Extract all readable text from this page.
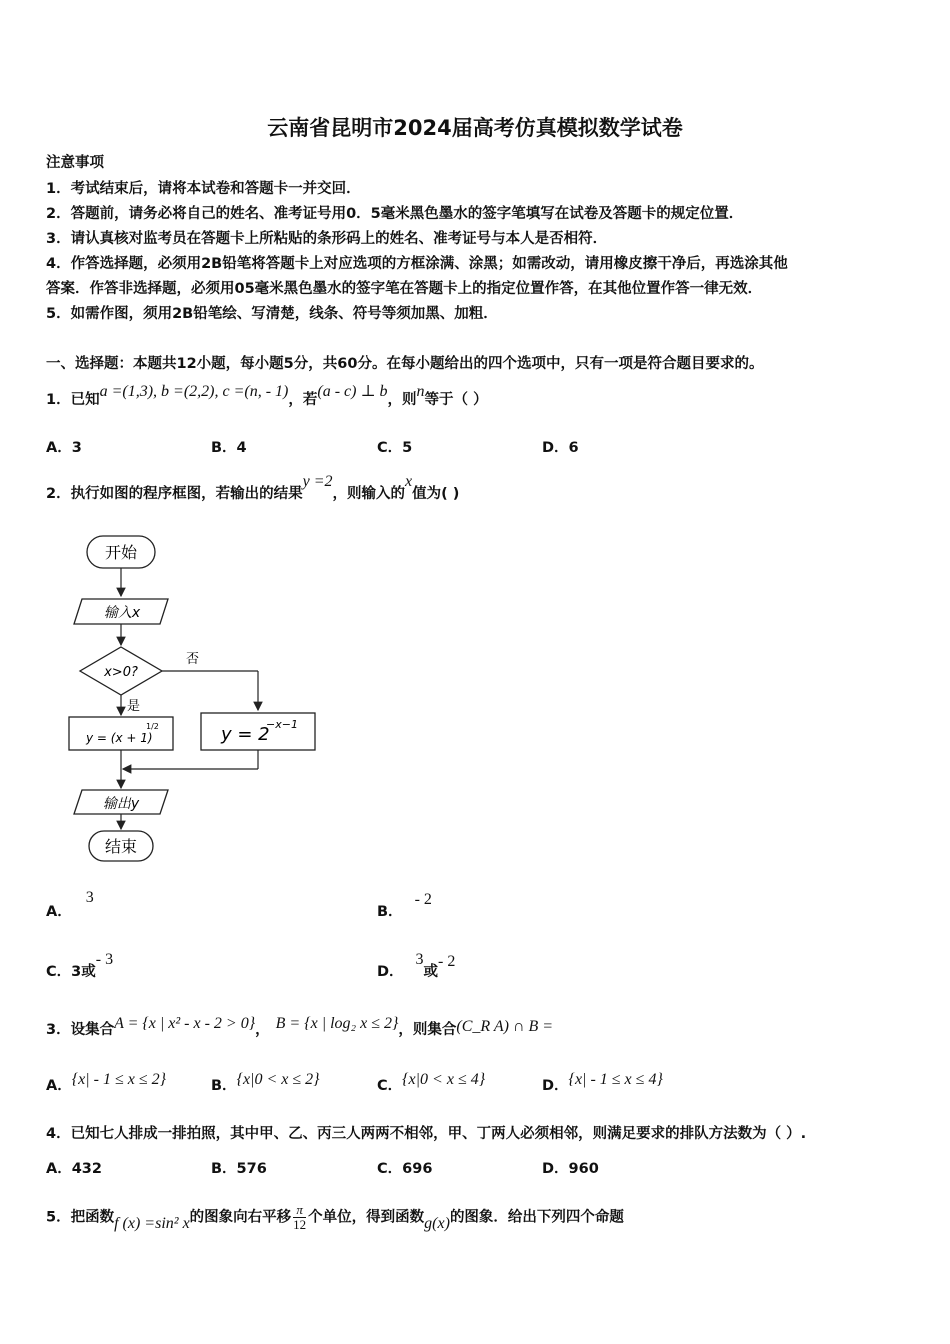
云南省昆明市2024届高考仿真模拟数学试卷
注意事项
1．考试结束后，请将本试卷和答题卡一并交回．
2．答题前，请务必将自己的姓名、准考证号用0．5毫米黑色墨水的签字笔填写在试卷及答题卡的规定位置．
3．请认真核对监考员在答题卡上所粘贴的条形码上的姓名、准考证号与本人是否相符．
4．作答选择题，必须用2B铅笔将答题卡上对应选项的方框涂满、涂黑；如需改动，请用橡皮擦干净后，再选涂其他
答案．作答非选择题，必须用05毫米黑色墨水的签字笔在答题卡上的指定位置作答，在其他位置作答一律无效．
5．如需作图，须用2B铅笔绘、写清楚，线条、符号等须加黑、加粗．
一、选择题：本题共12小题，每小题5分，共60分。在每小题给出的四个选项中，只有一项是符合题目要求的。
1．已知a =(1,3), b =(2,2), c =(n, - 1)，若(a - c) ⊥ b，则n等于（ ）
A．3	B．4	C．5	D．6
2．执行如图的程序框图，若输出的结果y =2，则输入的x值为( )
开始
输入x
x>0?
否
是
y = (x + 1)
1/2	y = 2
−x−1
输出y
结束
A．3
B．- 2
C．3或- 3
D．3或- 2
3．设集合A = {x | x² - x - 2 > 0}， B = {x | log₂ x ≤ 2}，则集合(C_R A) ∩ B =
A．{x| - 1 ≤ x ≤ 2}	B．{x|0 < x ≤ 2}	C．{x|0 < x ≤ 4}	D．{x| - 1 ≤ x ≤ 4}
4．已知七人排成一排拍照，其中甲、乙、丙三人两两不相邻，甲、丁两人必须相邻，则满足要求的排队方法数为（ ）.
A．432	B．576	C．696	D．960
5．把函数f (x) =sin² x的图象向右平移 $\frac{\pi}{12}$ 个单位，得到函数g(x)的图象．给出下列四个命题
